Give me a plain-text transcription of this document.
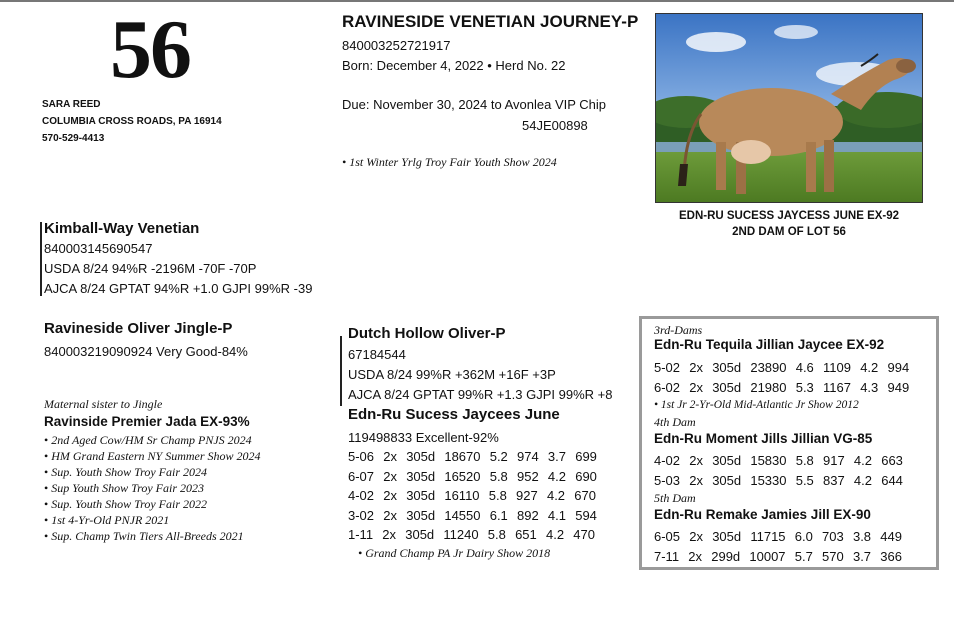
56
SARA REED
COLUMBIA CROSS ROADS, PA 16914
570-529-4413
RAVINESIDE VENETIAN JOURNEY-P
840003252721917
Born: December 4, 2022 • Herd No. 22
Due: November 30, 2024 to Avonlea VIP Chip
54JE00898
• 1st Winter Yrlg Troy Fair Youth Show 2024
EDN-RU SUCESS JAYCESS JUNE EX-92
2ND DAM OF LOT 56
Kimball-Way Venetian
840003145690547
USDA 8/24 94%R -2196M -70F -70P
AJCA 8/24 GPTAT 94%R +1.0 GJPI 99%R -39
Ravineside Oliver Jingle-P
840003219090924 Very Good-84%
Maternal sister to Jingle
Ravinside Premier Jada EX-93%
• 2nd Aged Cow/HM Sr Champ PNJS 2024
• HM Grand Eastern NY Summer Show 2024
• Sup. Youth Show Troy Fair 2024
• Sup Youth Show Troy Fair 2023
• Sup. Youth Show Troy Fair 2022
• 1st 4-Yr-Old PNJR 2021
• Sup. Champ Twin Tiers All-Breeds 2021
Dutch Hollow Oliver-P
67184544
USDA 8/24 99%R +362M +16F +3P
AJCA 8/24 GPTAT 99%R +1.3 GJPI 99%R +8
Edn-Ru Sucess Jaycees June
119498833 Excellent-92%
5-06  2x  305d  18670  5.2  974  3.7  699
6-07  2x  305d  16520  5.8  952  4.2  690
4-02  2x  305d  16110  5.8  927  4.2  670
3-02  2x  305d  14550  6.1  892  4.1  594
1-11  2x  305d  11240  5.8  651  4.2  470
• Grand Champ PA Jr Dairy Show 2018
3rd-Dams
Edn-Ru Tequila Jillian Jaycee EX-92
5-02  2x  305d  23890  4.6  1109  4.2  994
6-02  2x  305d  21980  5.3  1167  4.3  949
• 1st Jr 2-Yr-Old Mid-Atlantic Jr Show 2012
4th Dam
Edn-Ru Moment Jills Jillian VG-85
4-02  2x  305d  15830  5.8  917  4.2  663
5-03  2x  305d  15330  5.5  837  4.2  644
5th Dam
Edn-Ru Remake Jamies Jill EX-90
6-05  2x  305d  11715  6.0  703  3.8  449
7-11  2x  299d  10007  5.7  570  3.7  366
